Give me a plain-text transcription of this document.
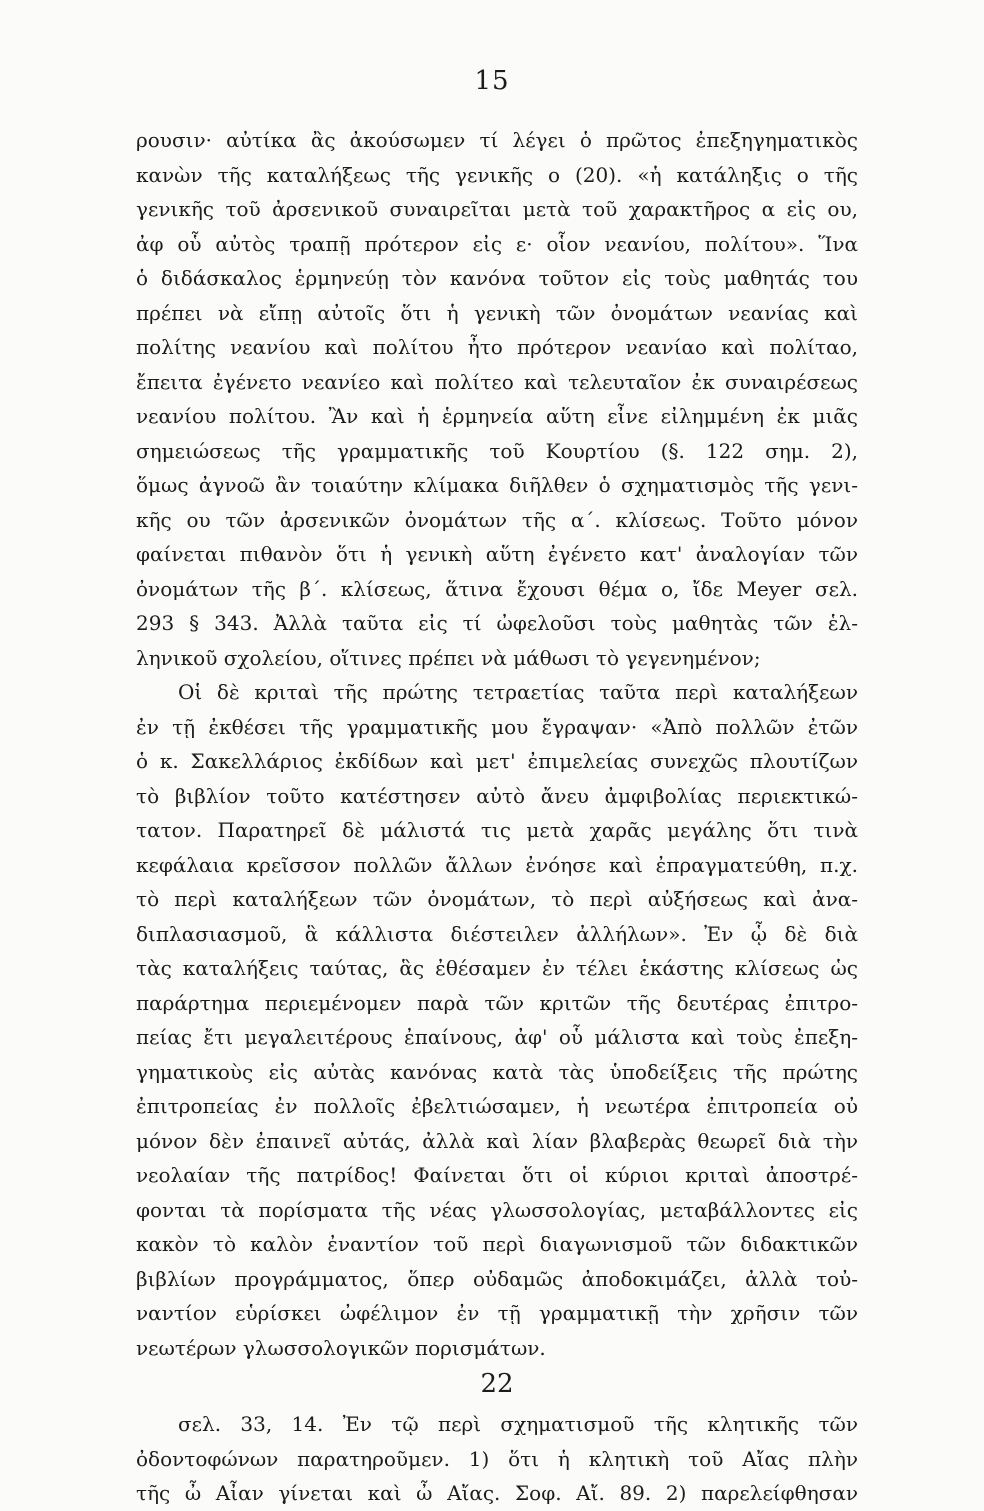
15
ρουσιν· αὐτίκα ἂς ἀκούσωμεν τί λέγει ὁ πρῶτος ἐπεξηγηματικὸς
κανὼν τῆς καταλήξεως τῆς γενικῆς ο (20). «ἡ κατάληξις ο τῆς
γενικῆς τοῦ ἀρσενικοῦ συναιρεῖται μετὰ τοῦ χαρακτῆρος α εἰς ου,
ἀφ οὗ αὐτὸς τραπῇ πρότερον εἰς ε· οἷον νεανίου, πολίτου». Ἵνα
ὁ διδάσκαλος ἑρμηνεύῃ τὸν κανόνα τοῦτον εἰς τοὺς μαθητάς του
πρέπει νὰ εἴπῃ αὐτοῖς ὅτι ἡ γενικὴ τῶν ὀνομάτων νεανίας καὶ
πολίτης νεανίου καὶ πολίτου ἦτο πρότερον νεανίαο καὶ πολίταο,
ἔπειτα ἐγένετο νεανίεο καὶ πολίτεο καὶ τελευταῖον ἐκ συναιρέσεως
νεανίου πολίτου. Ἂν καὶ ἡ ἑρμηνεία αὕτη εἶνε εἰλημμένη ἐκ μιᾶς
σημειώσεως τῆς γραμματικῆς τοῦ Κουρτίου (§. 122 σημ. 2),
ὅμως ἀγνοῶ ἂν τοιαύτην κλίμακα διῆλθεν ὁ σχηματισμὸς τῆς γενι-
κῆς ου τῶν ἀρσενικῶν ὀνομάτων τῆς α΄. κλίσεως. Τοῦτο μόνον
φαίνεται πιθανὸν ὅτι ἡ γενικὴ αὕτη ἐγένετο κατ' ἀναλογίαν τῶν
ὀνομάτων τῆς β΄. κλίσεως, ἅτινα ἔχουσι θέμα ο, ἴδε Meyer σελ.
293 § 343. Ἀλλὰ ταῦτα εἰς τί ὠφελοῦσι τοὺς μαθητὰς τῶν ἑλ-
ληνικοῦ σχολείου, οἵτινες πρέπει νὰ μάθωσι τὸ γεγενημένον;
Οἱ δὲ κριταὶ τῆς πρώτης τετραετίας ταῦτα περὶ καταλήξεων
ἐν τῇ ἐκθέσει τῆς γραμματικῆς μου ἔγραψαν· «Ἀπὸ πολλῶν ἐτῶν
ὁ κ. Σακελλάριος ἐκδίδων καὶ μετ' ἐπιμελείας συνεχῶς πλουτίζων
τὸ βιβλίον τοῦτο κατέστησεν αὐτὸ ἄνευ ἀμφιβολίας περιεκτικώ-
τατον. Παρατηρεῖ δὲ μάλιστά τις μετὰ χαρᾶς μεγάλης ὅτι τινὰ
κεφάλαια κρεῖσσον πολλῶν ἄλλων ἐνόησε καὶ ἐπραγματεύθη, π.χ.
τὸ περὶ καταλήξεων τῶν ὀνομάτων, τὸ περὶ αὐξήσεως καὶ ἀνα-
διπλασιασμοῦ, ἃ κάλλιστα διέστειλεν ἀλλήλων». Ἐν ᾧ δὲ διὰ
τὰς καταλήξεις ταύτας, ἃς ἐθέσαμεν ἐν τέλει ἑκάστης κλίσεως ὡς
παράρτημα περιεμένομεν παρὰ τῶν κριτῶν τῆς δευτέρας ἐπιτρο-
πείας ἔτι μεγαλειτέρους ἐπαίνους, ἀφ' οὗ μάλιστα καὶ τοὺς ἐπεξη-
γηματικοὺς εἰς αὐτὰς κανόνας κατὰ τὰς ὑποδείξεις τῆς πρώτης
ἐπιτροπείας ἐν πολλοῖς ἐβελτιώσαμεν, ἡ νεωτέρα ἐπιτροπεία οὐ
μόνον δὲν ἐπαινεῖ αὐτάς, ἀλλὰ καὶ λίαν βλαβερὰς θεωρεῖ διὰ τὴν
νεολαίαν τῆς πατρίδος! Φαίνεται ὅτι οἱ κύριοι κριταὶ ἀποστρέ-
φονται τὰ πορίσματα τῆς νέας γλωσσολογίας, μεταβάλλοντες εἰς
κακὸν τὸ καλὸν ἐναντίον τοῦ περὶ διαγωνισμοῦ τῶν διδακτικῶν
βιβλίων προγράμματος, ὅπερ οὐδαμῶς ἀποδοκιμάζει, ἀλλὰ τοὐ-
ναντίον εὑρίσκει ὠφέλιμον ἐν τῇ γραμματικῇ τὴν χρῆσιν τῶν
νεωτέρων γλωσσολογικῶν πορισμάτων.
22
σελ. 33, 14. Ἐν τῷ περὶ σχηματισμοῦ τῆς κλητικῆς τῶν
ὀδοντοφώνων παρατηροῦμεν. 1) ὅτι ἡ κλητικὴ τοῦ Αἴας πλὴν
τῆς ὦ Αἶαν γίνεται καὶ ὦ Αἴας. Σοφ. Αἴ. 89. 2) παρελείφθησαν
